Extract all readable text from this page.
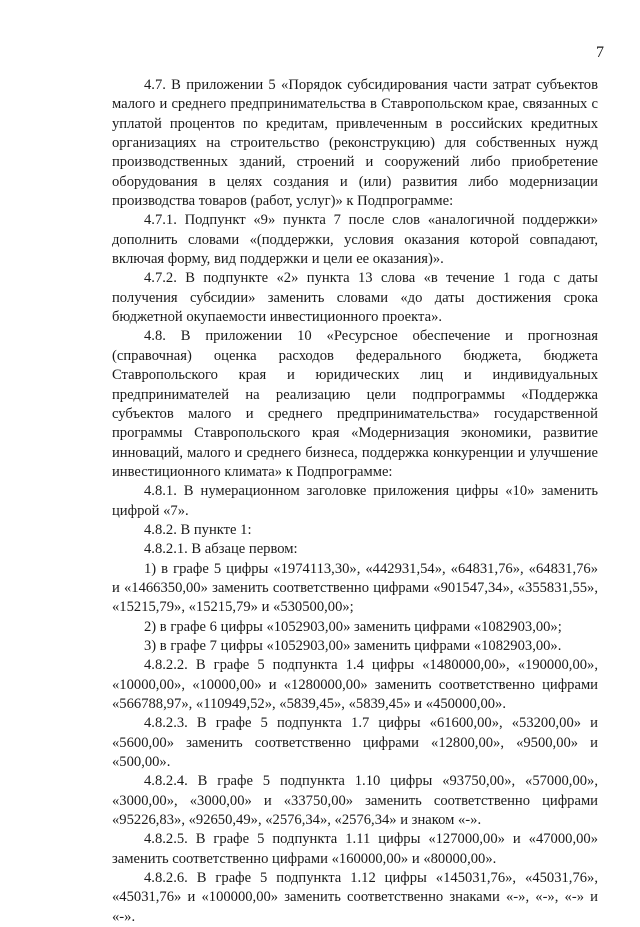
7

4.7. В приложении 5 «Порядок субсидирования части затрат субъектов малого и среднего предпринимательства в Ставропольском крае, связанных с уплатой процентов по кредитам, привлеченным в российских кредитных организациях на строительство (реконструкцию) для собственных нужд производственных зданий, строений и сооружений либо приобретение оборудования в целях создания и (или) развития либо модернизации производства товаров (работ, услуг)» к Подпрограмме:

4.7.1. Подпункт «9» пункта 7 после слов «аналогичной поддержки» дополнить словами «(поддержки, условия оказания которой совпадают, включая форму, вид поддержки и цели ее оказания)».

4.7.2. В подпункте «2» пункта 13 слова «в течение 1 года с даты получения субсидии» заменить словами «до даты достижения срока бюджетной окупаемости инвестиционного проекта».

4.8. В приложении 10 «Ресурсное обеспечение и прогнозная (справочная) оценка расходов федерального бюджета, бюджета Ставропольского края и юридических лиц и индивидуальных предпринимателей на реализацию цели подпрограммы «Поддержка субъектов малого и среднего предпринимательства» государственной программы Ставропольского края «Модернизация экономики, развитие инноваций, малого и среднего бизнеса, поддержка конкуренции и улучшение инвестиционного климата» к Подпрограмме:

4.8.1. В нумерационном заголовке приложения цифры «10» заменить цифрой «7».

4.8.2. В пункте 1:

4.8.2.1. В абзаце первом:

1) в графе 5 цифры «1974113,30», «442931,54», «64831,76», «64831,76» и «1466350,00» заменить соответственно цифрами «901547,34», «355831,55», «15215,79», «15215,79» и «530500,00»;

2) в графе 6 цифры «1052903,00» заменить цифрами «1082903,00»;

3) в графе 7 цифры «1052903,00» заменить цифрами «1082903,00».

4.8.2.2. В графе 5 подпункта 1.4 цифры «1480000,00», «190000,00», «10000,00», «10000,00» и «1280000,00» заменить соответственно цифрами «566788,97», «110949,52», «5839,45», «5839,45» и «450000,00».

4.8.2.3. В графе 5 подпункта 1.7 цифры «61600,00», «53200,00» и «5600,00» заменить соответственно цифрами «12800,00», «9500,00» и «500,00».

4.8.2.4. В графе 5 подпункта 1.10 цифры «93750,00», «57000,00», «3000,00», «3000,00» и «33750,00» заменить соответственно цифрами «95226,83», «92650,49», «2576,34», «2576,34» и знаком «-».

4.8.2.5. В графе 5 подпункта 1.11 цифры «127000,00» и «47000,00» заменить соответственно цифрами «160000,00» и «80000,00».

4.8.2.6. В графе 5 подпункта 1.12 цифры «145031,76», «45031,76», «45031,76» и «100000,00» заменить соответственно знаками «-», «-», «-» и «-».
